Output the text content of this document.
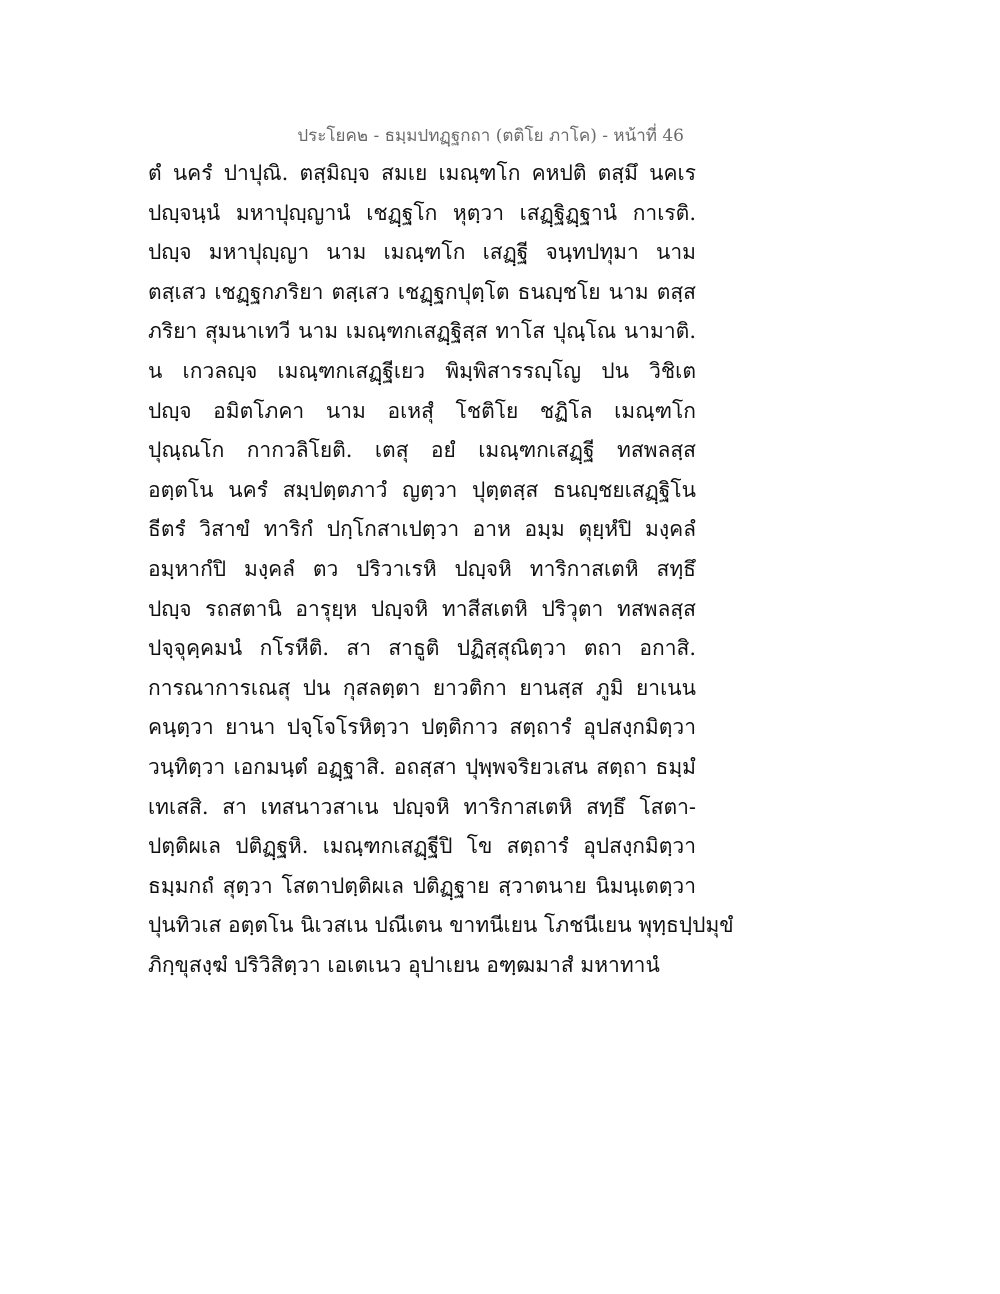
ประโยค๒ - ธมฺมปทฏฺฐกถา (ตติโย ภาโค) - หน้าที่ 46
ตํ นครํ ปาปุณิ. ตสฺมิญฺจ สมเย เมณฺฑโก คหปติ ตสฺมึ นคเร
ปญฺจนฺนํ มหาปุญฺญานํ เชฏฺฐโก หุตฺวา เสฏฺฐิฏฺฐานํ กาเรติ.
ปญฺจ มหาปุญฺญา นาม เมณฺฑโก เสฏฺฐี จนฺทปทุมา นาม
ตสฺเสว เชฏฺฐกภริยา ตสฺเสว เชฏฺฐกปุตฺโต ธนญฺชโย นาม ตสฺส
ภริยา สุมนาเทวี นาม เมณฺฑกเสฏฺฐิสฺส ทาโส ปุณฺโณ นามาติ.
น เกวลญฺจ เมณฺฑกเสฏฺฐีเยว พิมฺพิสารรญฺโญ ปน วิชิเต
ปญฺจ อมิตโภคา นาม อเหสุํ โชติโย ชฏิโล เมณฺฑโก
ปุณฺณโก กากวลิโยติ. เตสุ อยํ เมณฺฑกเสฏฺฐี ทสพลสฺส
อตฺตโน นครํ สมฺปตฺตภาวํ ญตฺวา ปุตฺตสฺส ธนญฺชยเสฏฺฐิโน
ธีตรํ วิสาขํ ทาริกํ ปกฺโกสาเปตฺวา อาห อมฺม ตุยฺหํปิ มงฺคลํ
อมฺหากํปิ มงฺคลํ ตว ปริวาเรหิ ปญฺจหิ ทาริกาสเตหิ สทฺธึ
ปญฺจ รถสตานิ อารุยฺห ปญฺจหิ ทาสีสเตหิ ปริวุตา ทสพลสฺส
ปจฺจุคฺคมนํ กโรหีติ. สา สาธูติ ปฏิสฺสุณิตฺวา ตถา อกาสิ.
การณาการเณสุ ปน กุสลตฺตา ยาวติกา ยานสฺส ภูมิ ยาเนน
คนฺตฺวา ยานา ปจฺโจโรหิตฺวา ปตฺติกาว สตฺถารํ อุปสงฺกมิตฺวา
วนฺทิตฺวา เอกมนฺตํ อฏฺฐาสิ. อถสฺสา ปุพฺพจริยวเสน สตฺถา ธมฺมํ
เทเสสิ. สา เทสนาวสาเน ปญฺจหิ ทาริกาสเตหิ สทฺธึ โสตา-
ปตฺติผเล ปติฏฺฐหิ. เมณฺฑกเสฏฺฐีปิ โข สตฺถารํ อุปสงฺกมิตฺวา
ธมฺมกถํ สุตฺวา โสตาปตฺติผเล ปติฏฺฐาย สฺวาตนาย นิมนฺเตตฺวา
ปุนทิวเส อตฺตโน นิเวสเน ปณีเตน ขาทนีเยน โภชนีเยน พุทฺธปฺปมุขํ
ภิกฺขุสงฺฆํ ปริวิสิตฺวา เอเตเนว อุปาเยน อฑฺฒมาสํ มหาทานํ
